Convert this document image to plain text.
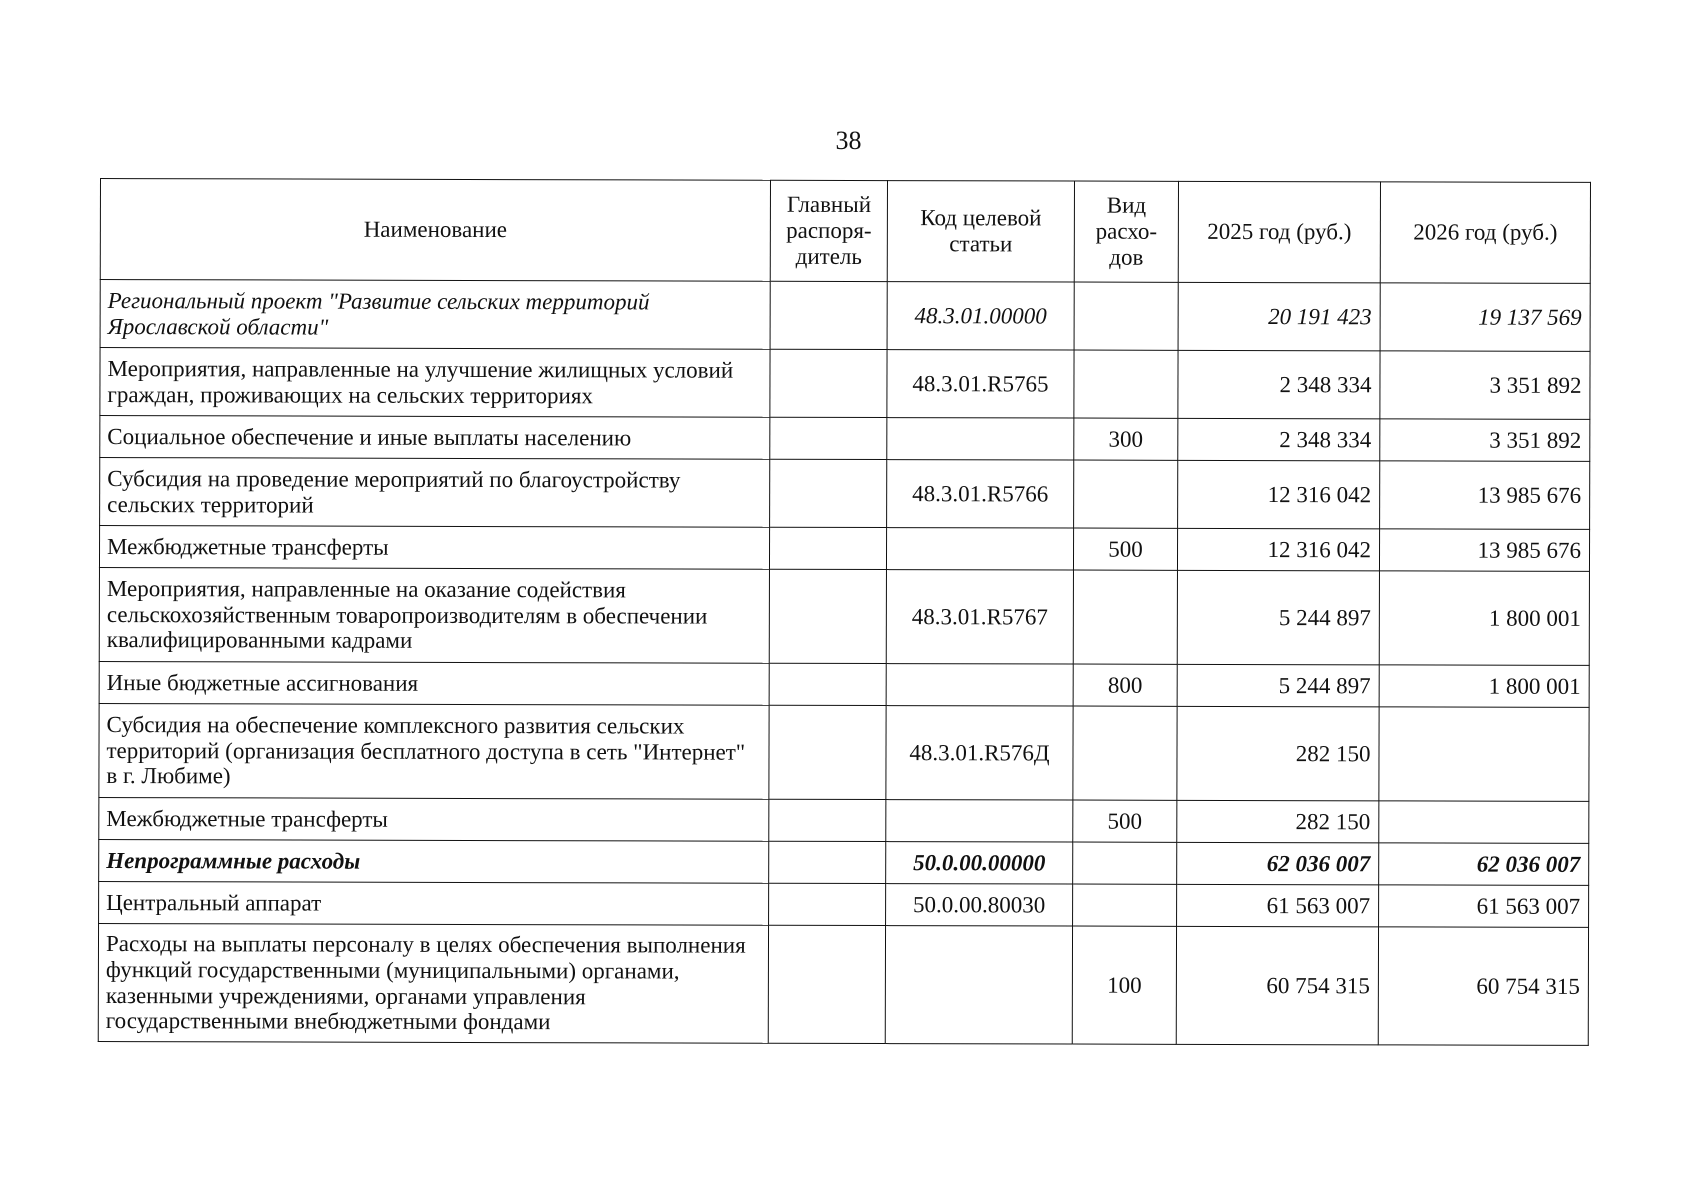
38
Наименование	Главный распоря-дитель	Код целевой статьи	Вид расхо-дов	2025 год (руб.)	2026 год (руб.)
Региональный проект "Развитие сельских территорий Ярославской области"		48.3.01.00000		20 191 423	19 137 569
Мероприятия, направленные на улучшение жилищных условий граждан, проживающих на сельских территориях		48.3.01.R5765		2 348 334	3 351 892
Социальное обеспечение и иные выплаты населению			300	2 348 334	3 351 892
Субсидия на проведение мероприятий по благоустройству сельских территорий		48.3.01.R5766		12 316 042	13 985 676
Межбюджетные трансферты			500	12 316 042	13 985 676
Мероприятия, направленные на оказание содействия сельскохозяйственным товаропроизводителям в обеспечении квалифицированными кадрами		48.3.01.R5767		5 244 897	1 800 001
Иные бюджетные ассигнования			800	5 244 897	1 800 001
Субсидия на обеспечение комплексного развития сельских территорий (организация бесплатного доступа в сеть "Интернет" в г. Любиме)		48.3.01.R576Д		282 150	
Межбюджетные трансферты			500	282 150	
Непрограммные расходы		50.0.00.00000		62 036 007	62 036 007
Центральный аппарат		50.0.00.80030		61 563 007	61 563 007
Расходы на выплаты персоналу в целях обеспечения выполнения функций государственными (муниципальными) органами, казенными учреждениями, органами управления государственными внебюджетными фондами			100	60 754 315	60 754 315
